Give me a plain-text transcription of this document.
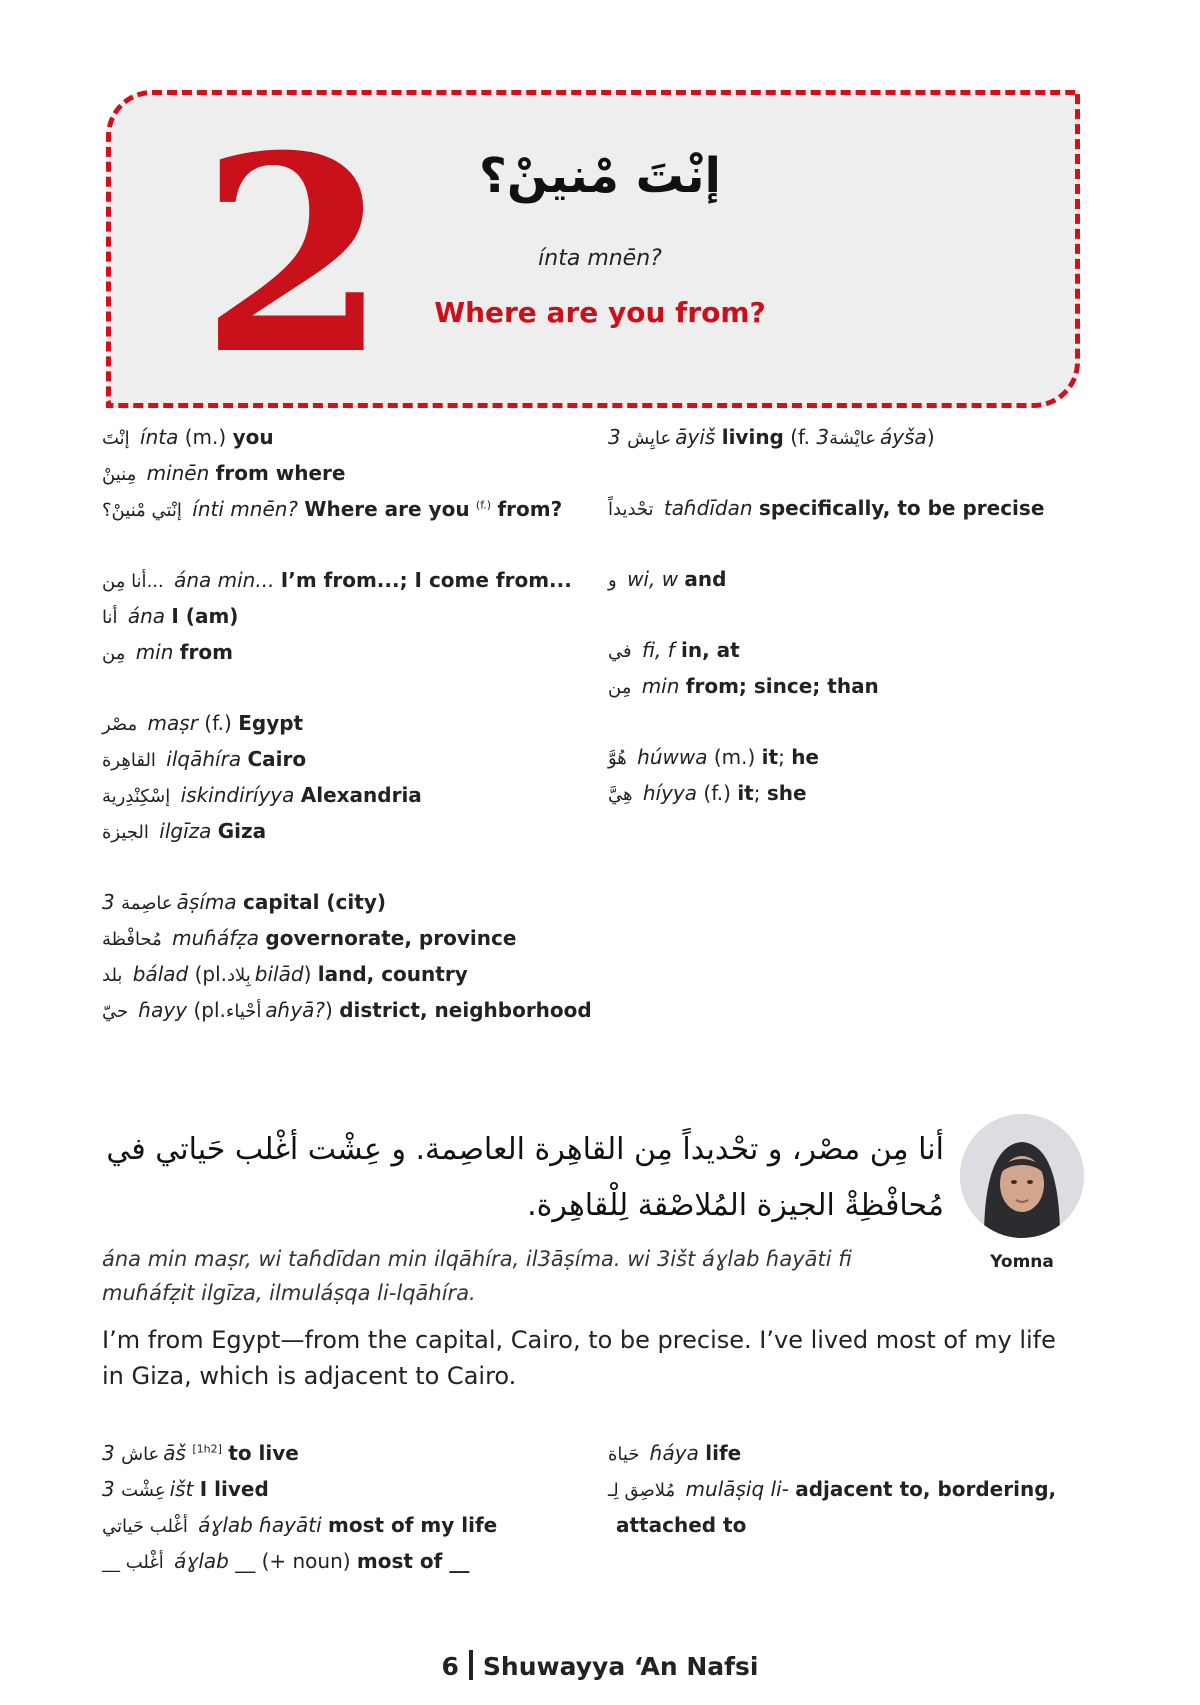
2	إنْتَ مْنينْ؟
ínta mnēn?
Where are you from?
إنْتَ ínta (m.) you
مِنينْ minēn from where
إنْتي مْنينْ؟ ínti mnēn? Where are you $^{(f.)}$ from?
أنا مِن... ána min... I’m from...; I come from...
أنا ána I (am)
مِن min from
مصْر maṣr (f.) Egypt
القاهِرة ilqāhíra Cairo
إسْكِنْدِرية iskindiríyya Alexandria
الجيزة ilgīza Giza
عاصِمة 3āṣíma capital (city)
مُحافْظة muɦáfẓa governorate, province
بلد bálad (pl.بِلاد bilād) land, country
حيّ ɦayy (pl.أحْياء aɦyā?) district, neighborhood
عايِش 3āyiš living (f. عايْشة3áyša)
تحْديداً taɦdīdan specifically, to be precise
و wi, w and
في fi, f in, at
مِن min from; since; than
هُوَّ húwwa (m.) it; he
هِيَّ híyya (f.) it; she
Yomna
أنا مِن مصْر، و تحْديداً مِن القاهِرة العاصِمة. و عِشْت أغْلب حَياتي في مُحافْظِةْ الجيزة المُلاصْقة لِلْقاهِرة.
ána min maṣr, wi taɦdīdan min ilqāhíra, il3āṣíma. wi 3išt áɣlab ɦayāti fi muɦáfẓit ilgīza, ilmuláṣqa li-lqāhíra.
I’m from Egypt—from the capital, Cairo, to be precise. I’ve lived most of my life in Giza, which is adjacent to Cairo.
عاش 3āš [1h2] to live
عِشْت 3išt I lived
أغْلب حَياتي áɣlab ɦayāti most of my life
__ أغْلب áɣlab __ (+ noun) most of __
حَياة ɦáya life
مُلاصِق لِـ mulāṣiq li- adjacent to, bordering,
attached to
6 Shuwayya ‘An Nafsi
